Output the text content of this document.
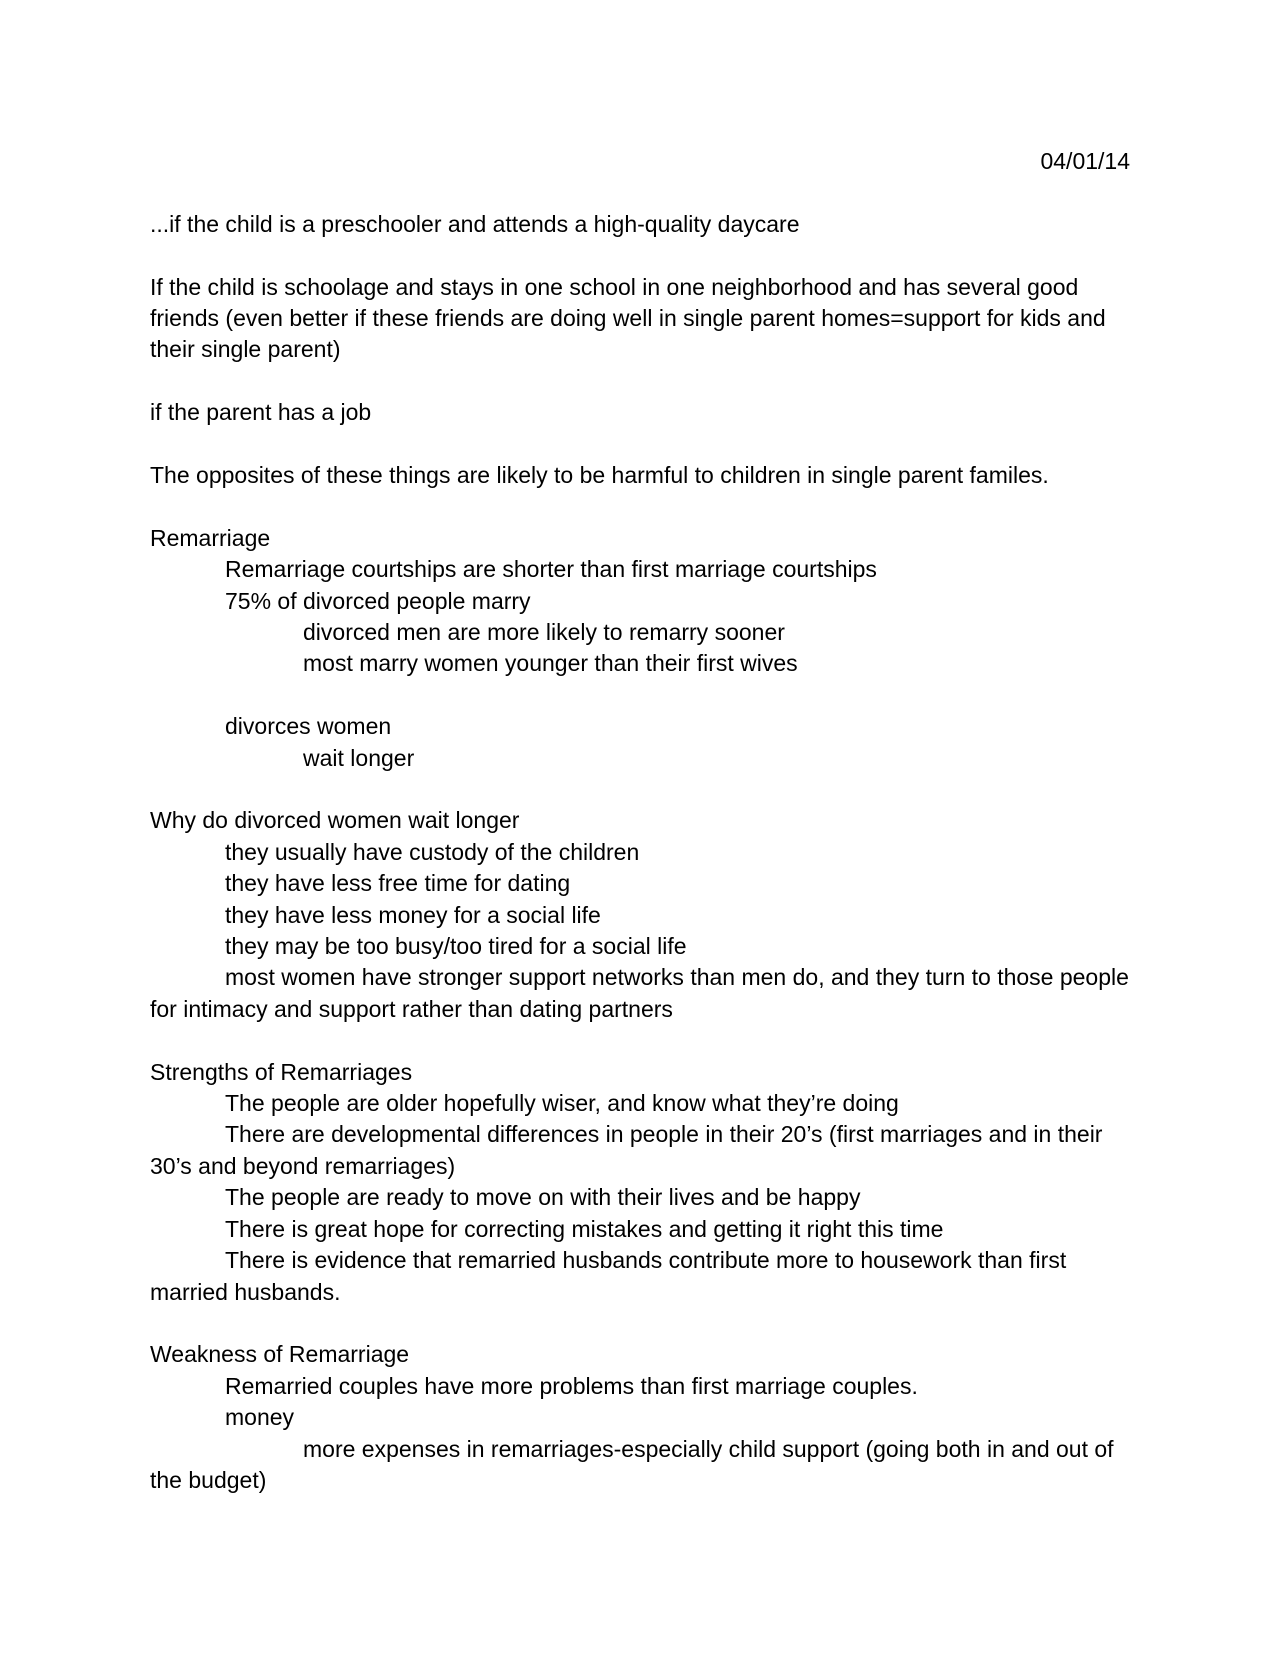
04/01/14
...if the child is a preschooler and attends a high-quality daycare
If the child is schoolage and stays in one school in one neighborhood and has several good friends (even better if these friends are doing well in single parent homes=support for kids and their single parent)
if the parent has a job
The opposites of these things are likely to be harmful to children in single parent familes.
Remarriage
Remarriage courtships are shorter than first marriage courtships
75% of divorced people marry
divorced men are more likely to remarry sooner
most marry women younger than their first wives
divorces women
wait longer
Why do divorced women wait longer
they usually have custody of the children
they have less free time for dating
they have less money for a social life
they may be too busy/too tired for a social life
most women have stronger support networks than men do, and they turn to those people for intimacy and support rather than dating partners
Strengths of Remarriages
The people are older hopefully wiser, and know what they’re doing
There are developmental differences in people in their 20’s (first marriages and in their 30’s and beyond remarriages)
The people are ready to move on with their lives and be happy
There is great hope for correcting mistakes and getting it right this time
There is evidence that remarried husbands contribute more to housework than first married husbands.
Weakness of Remarriage
Remarried couples have more problems than first marriage couples.
money
more expenses in remarriages-especially child support (going both in and out of the budget)
